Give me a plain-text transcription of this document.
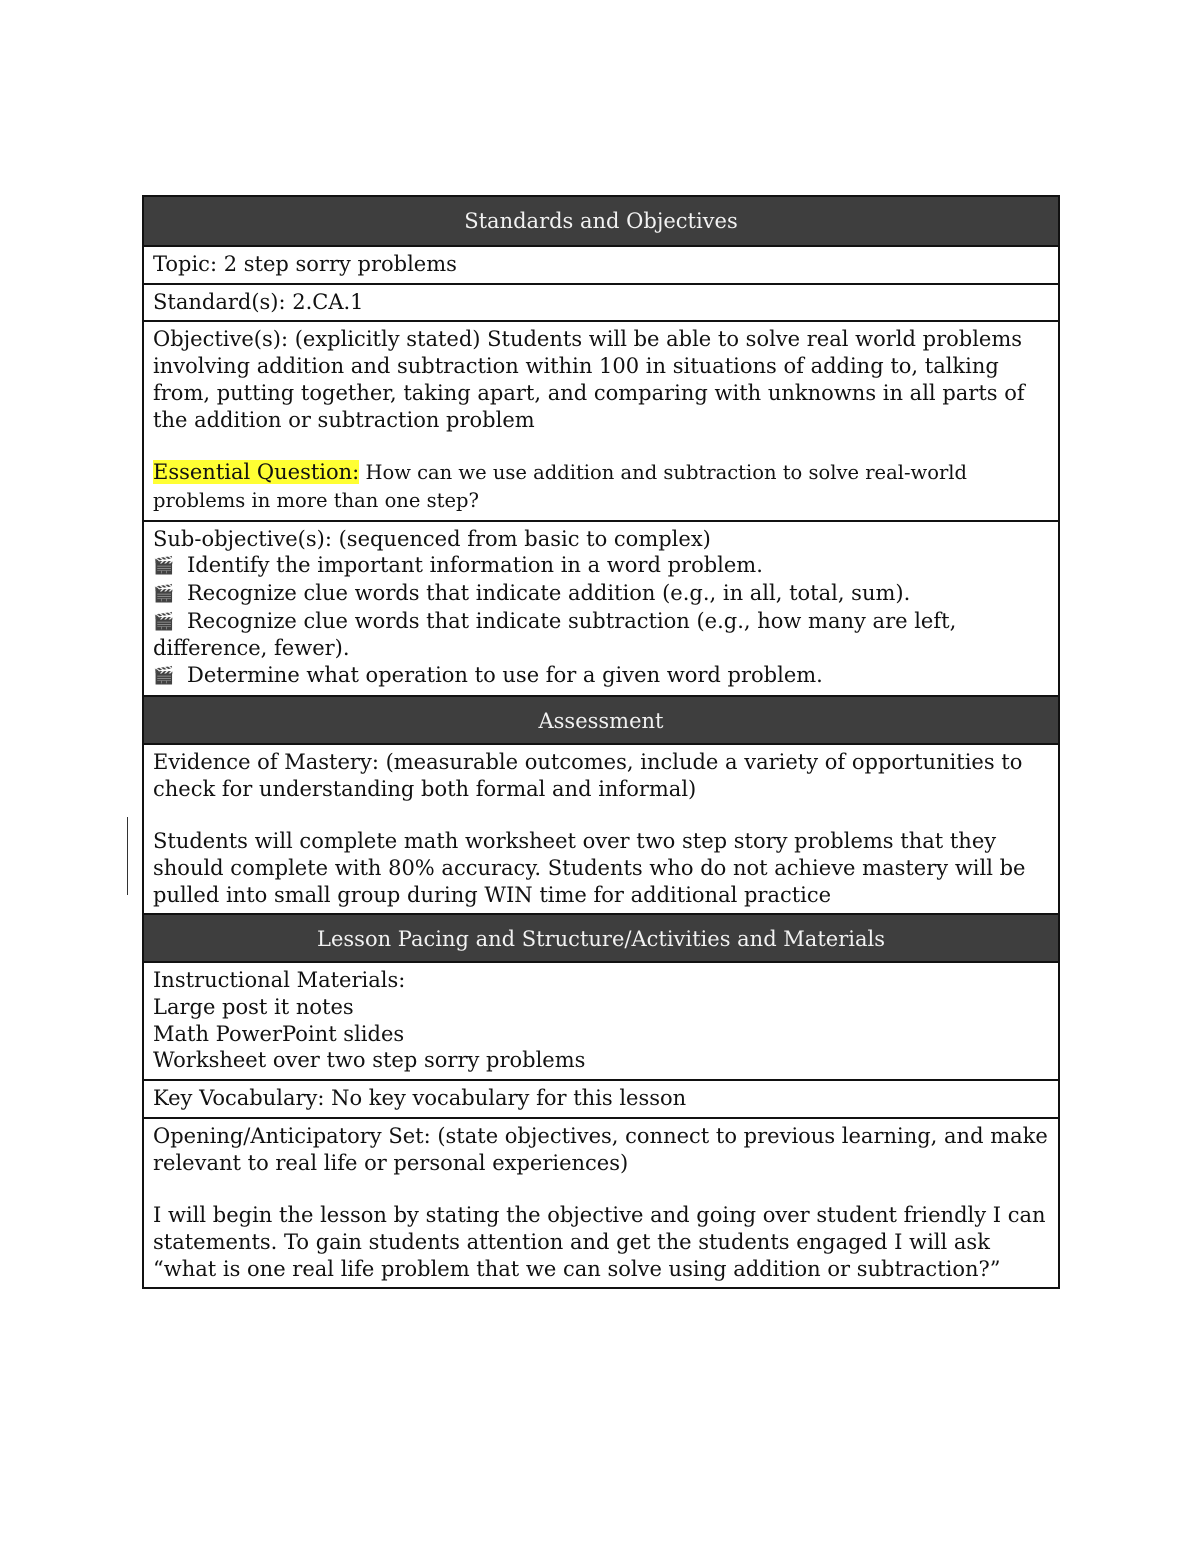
Standards and Objectives
Topic: 2 step sorry problems
Standard(s): 2.CA.1
Objective(s): (explicitly stated) Students will be able to solve real world problems involving addition and subtraction within 100 in situations of adding to, talking from, putting together, taking apart, and comparing with unknowns in all parts of the addition or subtraction problem
Essential Question: How can we use addition and subtraction to solve real-world problems in more than one step?
Sub-objective(s): (sequenced from basic to complex)
🎬 Identify the important information in a word problem.
🎬 Recognize clue words that indicate addition (e.g., in all, total, sum).
🎬 Recognize clue words that indicate subtraction (e.g., how many are left, difference, fewer).
🎬 Determine what operation to use for a given word problem.
Assessment
Evidence of Mastery: (measurable outcomes, include a variety of opportunities to check for understanding both formal and informal)
Students will complete math worksheet over two step story problems that they should complete with 80% accuracy. Students who do not achieve mastery will be pulled into small group during WIN time for additional practice
Lesson Pacing and Structure/Activities and Materials
Instructional Materials:
Large post it notes
Math PowerPoint slides
Worksheet over two step sorry problems
Key Vocabulary: No key vocabulary for this lesson
Opening/Anticipatory Set: (state objectives, connect to previous learning, and make relevant to real life or personal experiences)
I will begin the lesson by stating the objective and going over student friendly I can statements. To gain students attention and get the students engaged I will ask “what is one real life problem that we can solve using addition or subtraction?”
